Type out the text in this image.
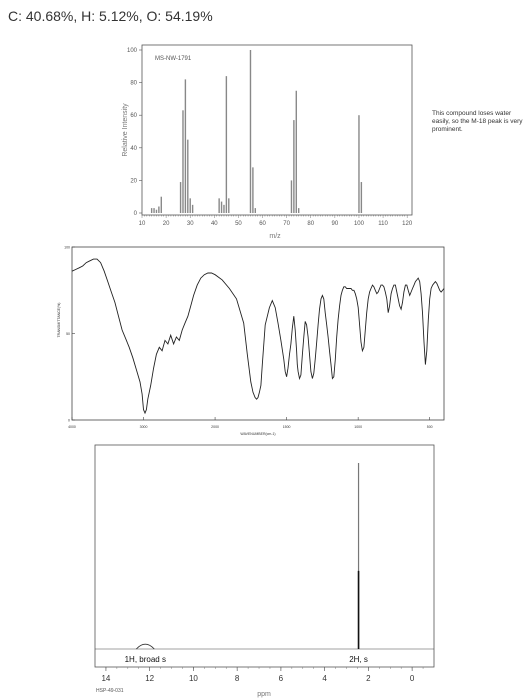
C: 40.68%, H: 5.12%, O: 54.19%
This compound loses water easily, so the M-18 peak is very prominent.
MS-NW-1791
0
20
40
60
80
100
10	20	30	40	50	60	70	80	90	100 110 120
m/z
Relative Intensity
0
50
100
4000	3000	2000	1500	1000	500
WAVENUMBER(cm-1)
TRANSMITTANCE(%)
14	12	10	8	6	4	2	0
1H, broad s	2H, s
ppm
HSP-49-031
